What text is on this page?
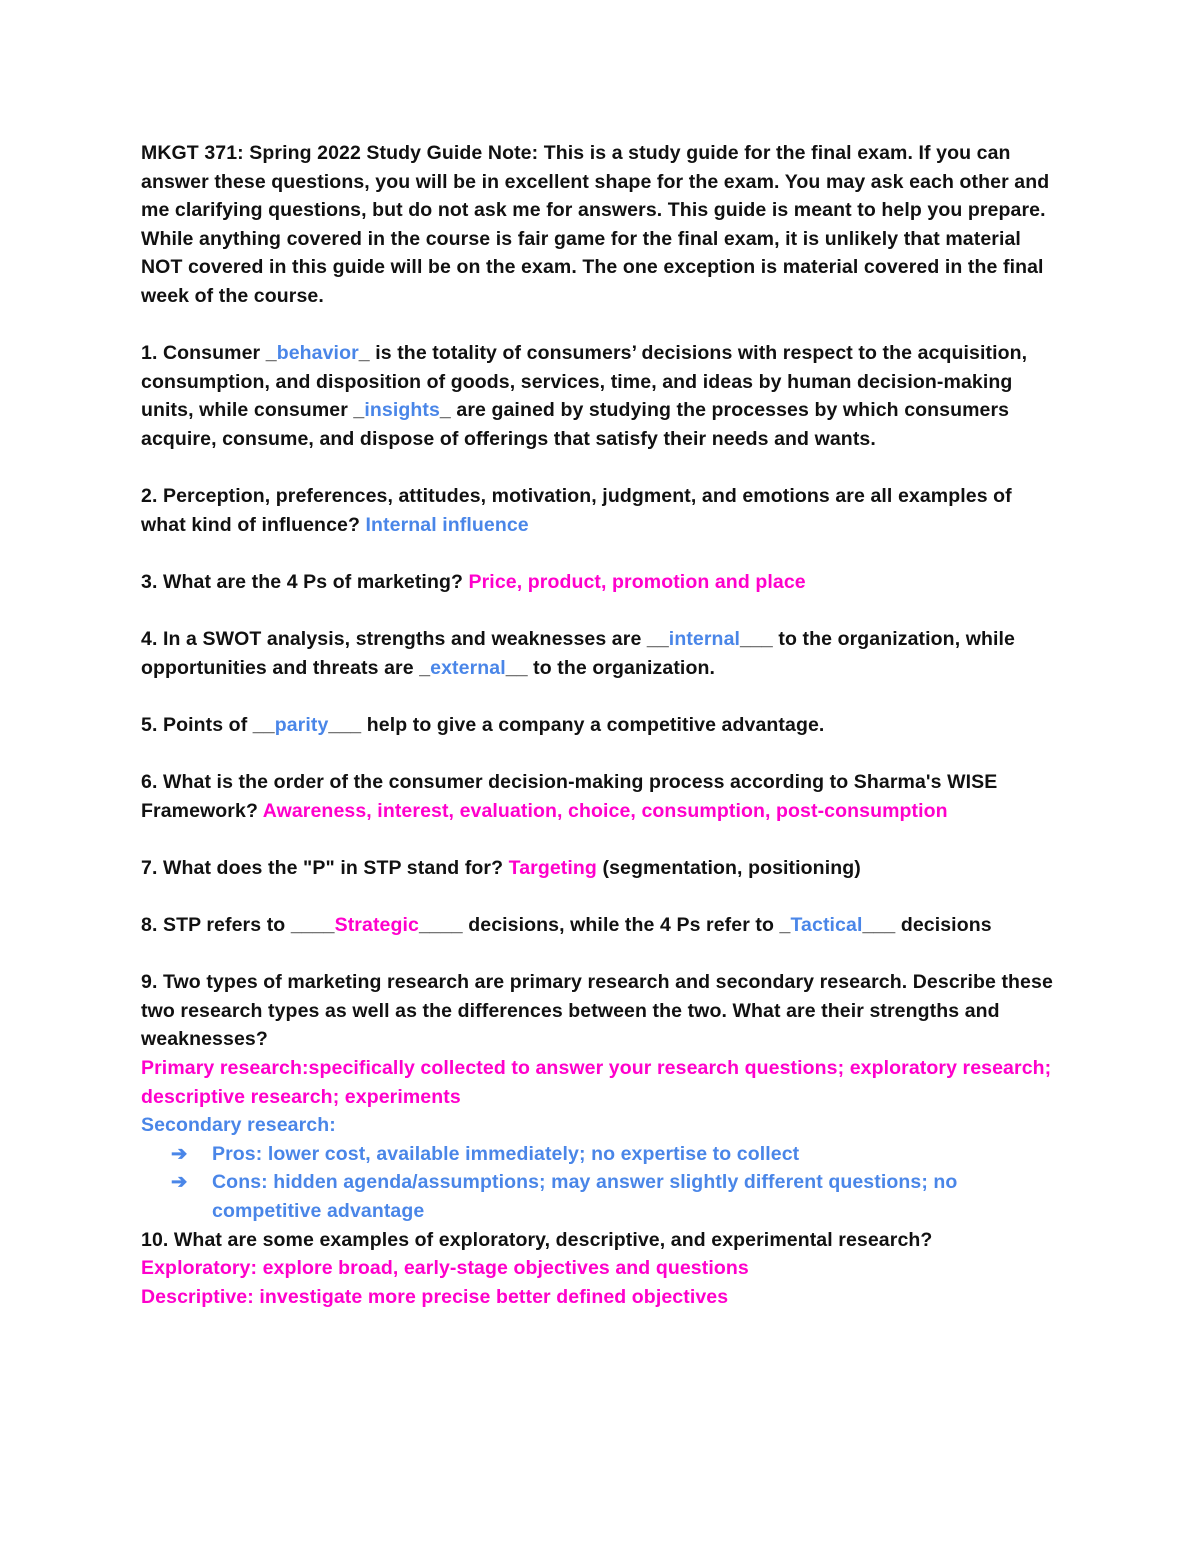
MKGT 371: Spring 2022 Study Guide Note: This is a study guide for the final exam. If you can answer these questions, you will be in excellent shape for the exam. You may ask each other and me clarifying questions, but do not ask me for answers. This guide is meant to help you prepare. While anything covered in the course is fair game for the final exam, it is unlikely that material NOT covered in this guide will be on the exam. The one exception is material covered in the final week of the course.

1. Consumer _behavior_ is the totality of consumers’ decisions with respect to the acquisition, consumption, and disposition of goods, services, time, and ideas by human decision-making units, while consumer _insights_ are gained by studying the processes by which consumers acquire, consume, and dispose of offerings that satisfy their needs and wants.

2. Perception, preferences, attitudes, motivation, judgment, and emotions are all examples of what kind of influence? Internal influence

3. What are the 4 Ps of marketing? Price, product, promotion and place

4. In a SWOT analysis, strengths and weaknesses are __internal___ to the organization, while opportunities and threats are _external__ to the organization.

5. Points of __parity___ help to give a company a competitive advantage.

6. What is the order of the consumer decision-making process according to Sharma's WISE Framework? Awareness, interest, evaluation, choice, consumption, post-consumption

7. What does the "P" in STP stand for? Targeting (segmentation, positioning)

8. STP refers to ____Strategic____ decisions, while the 4 Ps refer to _Tactical___ decisions

9. Two types of marketing research are primary research and secondary research. Describe these two research types as well as the differences between the two. What are their strengths and weaknesses?

Primary research:specifically collected to answer your research questions; exploratory research; descriptive research; experiments

Secondary research:

➔ Pros: lower cost, available immediately; no expertise to collect
➔ Cons: hidden agenda/assumptions; may answer slightly different questions; no competitive advantage

10. What are some examples of exploratory, descriptive, and experimental research?

Exploratory: explore broad, early-stage objectives and questions

Descriptive: investigate more precise better defined objectives
